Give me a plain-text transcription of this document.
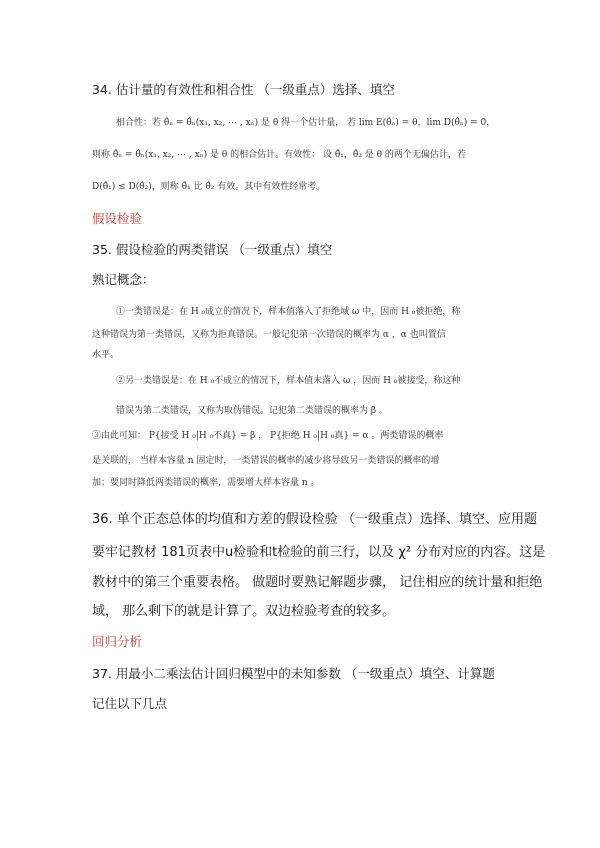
34. 估计量的有效性和相合性 （一级重点）选择、填空
相合性：若 θ̂ₙ = θ̂ₙ(x₁, x₂, ⋯ , xₙ) 是 θ 得一个估计量， 若 lim E(θ̂ₙ) = θ，lim D(θ̂ₙ) = 0，
则称 θ̂ₙ = θ̂ₙ(x₁, x₂, ⋯ , xₙ) 是 θ 的相合估计。有效性： 设 θ̂₁，θ̂₂ 是 θ 的两个无偏估计，若
D(θ̂₁) ≤ D(θ̂₂)，则称 θ̂₁ 比 θ̂₂ 有效。其中有效性经常考。
假设检验
35. 假设检验的两类错误 （一级重点）填空
熟记概念：
①一类错误是：在 H ₀成立的情况下，样本值落入了拒绝域 ω 中，因而 H ₀被拒绝，称
这种错误为第一类错误，又称为拒真错误。一般记犯第一次错误的概率为 α ，α 也叫置信
水平。
②另一类错误是：在 H ₀不成立的情况下，样本值未落入 ω ，因而 H ₀被接受，称这种
错误为第二类错误，又称为取伪错误。记犯第二类错误的概率为 β 。
③由此可知： P{接受 H ₀|H ₀不真} = β ， P{拒绝 H ₀|H ₀真} = α 。两类错误的概率
是关联的， 当样本容量 n 固定时，一类错误的概率的减少将导致另一类错误的概率的增
加；要同时降低两类错误的概率，需要增大样本容量 n 。
36. 单个正态总体的均值和方差的假设检验 （一级重点）选择、填空、应用题
要牢记教材 181页表中u检验和t检验的前三行，以及 χ² 分布对应的内容。这是
教材中的第三个重要表格。 做题时要熟记解题步骤， 记住相应的统计量和拒绝
域， 那么剩下的就是计算了。双边检验考查的较多。
回归分析
37. 用最小二乘法估计回归模型中的未知参数 （一级重点）填空、计算题
记住以下几点
